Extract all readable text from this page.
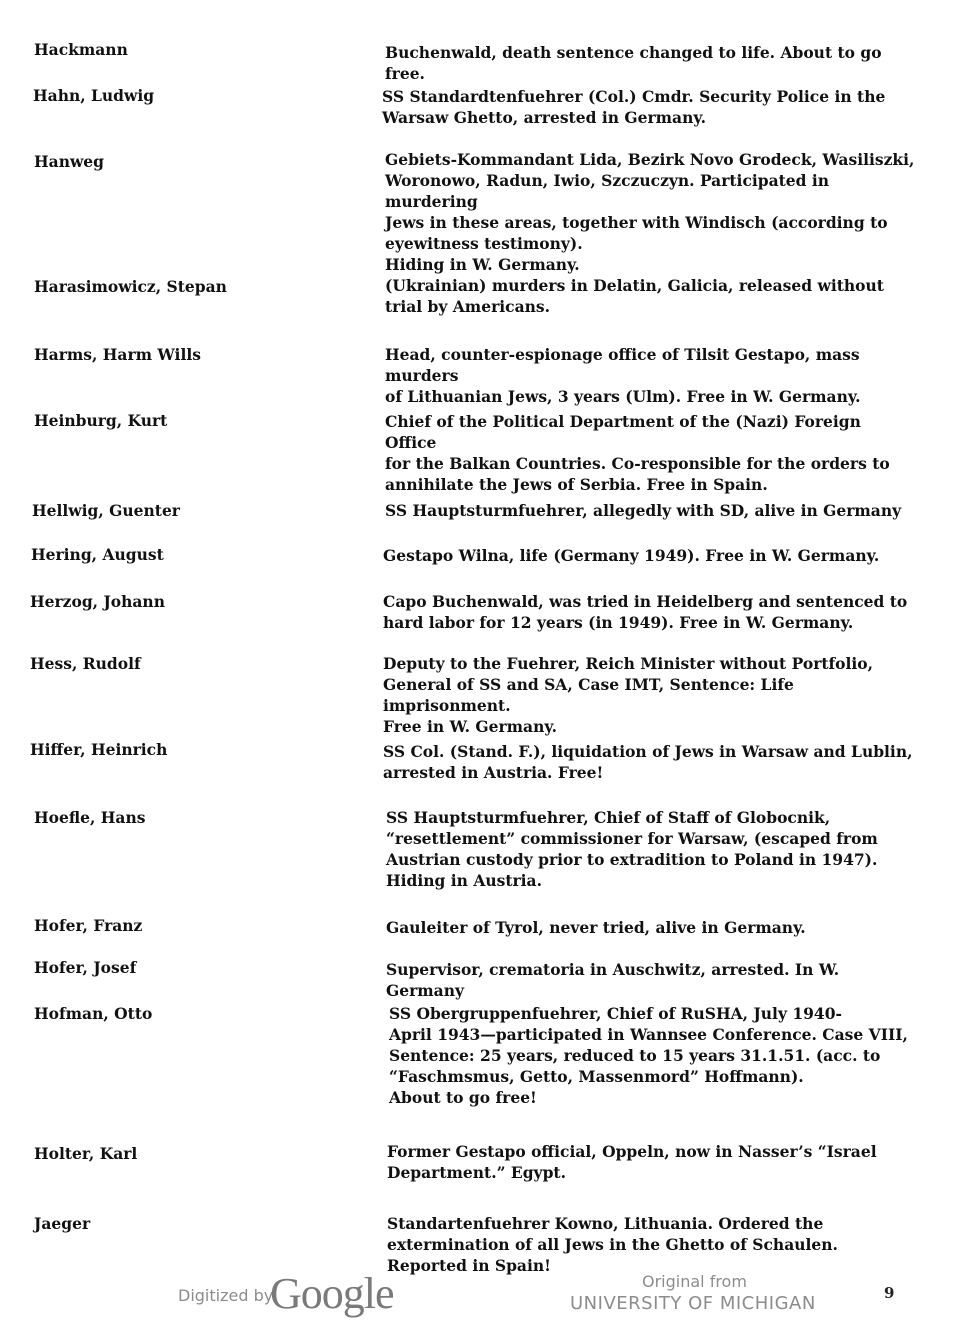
Hackmann	Buchenwald, death sentence changed to life. About to go free.
Hahn, Ludwig	SS Standardtenfuehrer (Col.) Cmdr. Security Police in the
Warsaw Ghetto, arrested in Germany.
Hanweg	Gebiets-Kommandant Lida, Bezirk Novo Grodeck, Wasiliszki,
Woronowo, Radun, Iwio, Szczuczyn. Participated in murdering
Jews in these areas, together with Windisch (according to
eyewitness testimony).
Hiding in W. Germany.
Harasimowicz, Stepan	(Ukrainian) murders in Delatin, Galicia, released without
trial by Americans.
Harms, Harm Wills	Head, counter-espionage office of Tilsit Gestapo, mass murders
of Lithuanian Jews, 3 years (Ulm). Free in W. Germany.
Heinburg, Kurt	Chief of the Political Department of the (Nazi) Foreign Office
for the Balkan Countries. Co-responsible for the orders to
annihilate the Jews of Serbia. Free in Spain.
Hellwig, Guenter	SS Hauptsturmfuehrer, allegedly with SD, alive in Germany
Hering, August	Gestapo Wilna, life (Germany 1949). Free in W. Germany.
Herzog, Johann	Capo Buchenwald, was tried in Heidelberg and sentenced to
hard labor for 12 years (in 1949). Free in W. Germany.
Hess, Rudolf	Deputy to the Fuehrer, Reich Minister without Portfolio,
General of SS and SA, Case IMT, Sentence: Life imprisonment.
Free in W. Germany.
Hiffer, Heinrich	SS Col. (Stand. F.), liquidation of Jews in Warsaw and Lublin,
arrested in Austria. Free!
Hoefle, Hans	SS Hauptsturmfuehrer, Chief of Staff of Globocnik,
“resettlement” commissioner for Warsaw, (escaped from
Austrian custody prior to extradition to Poland in 1947).
Hiding in Austria.
Hofer, Franz	Gauleiter of Tyrol, never tried, alive in Germany.
Hofer, Josef	Supervisor, crematoria in Auschwitz, arrested. In W. Germany
Hofman, Otto	SS Obergruppenfuehrer, Chief of RuSHA, July 1940-
April 1943—participated in Wannsee Conference. Case VIII,
Sentence: 25 years, reduced to 15 years 31.1.51. (acc. to
“Faschmsmus, Getto, Massenmord” Hoffmann).
About to go free!
Holter, Karl	Former Gestapo official, Oppeln, now in Nasser’s “Israel
Department.” Egypt.
Jaeger	Standartenfuehrer Kowno, Lithuania. Ordered the
extermination of all Jews in the Ghetto of Schaulen.
Reported in Spain!
Digitized by
Google	Original from
UNIVERSITY OF MICHIGAN	9
